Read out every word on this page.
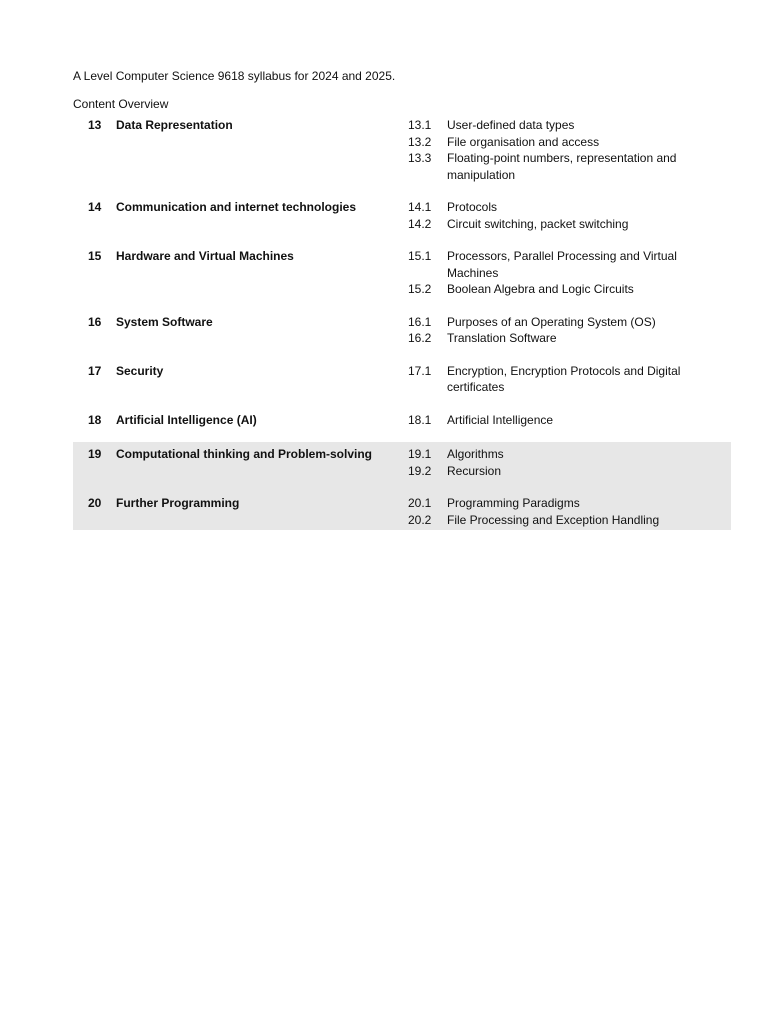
A Level Computer Science 9618 syllabus for 2024 and 2025.
Content Overview
13	Data Representation	13.1	User-defined data types
13.2	File organisation and access
13.3	Floating-point numbers, representation and manipulation
14	Communication and internet technologies	14.1	Protocols
14.2	Circuit switching, packet switching
15	Hardware and Virtual Machines	15.1	Processors, Parallel Processing and Virtual Machines
15.2	Boolean Algebra and Logic Circuits
16	System Software	16.1	Purposes of an Operating System (OS)
16.2	Translation Software
17	Security	17.1	Encryption, Encryption Protocols and Digital certificates
18	Artificial Intelligence (AI)	18.1	Artificial Intelligence
19	Computational thinking and Problem-solving	19.1	Algorithms
19.2	Recursion
20	Further Programming	20.1	Programming Paradigms
20.2	File Processing and Exception Handling
